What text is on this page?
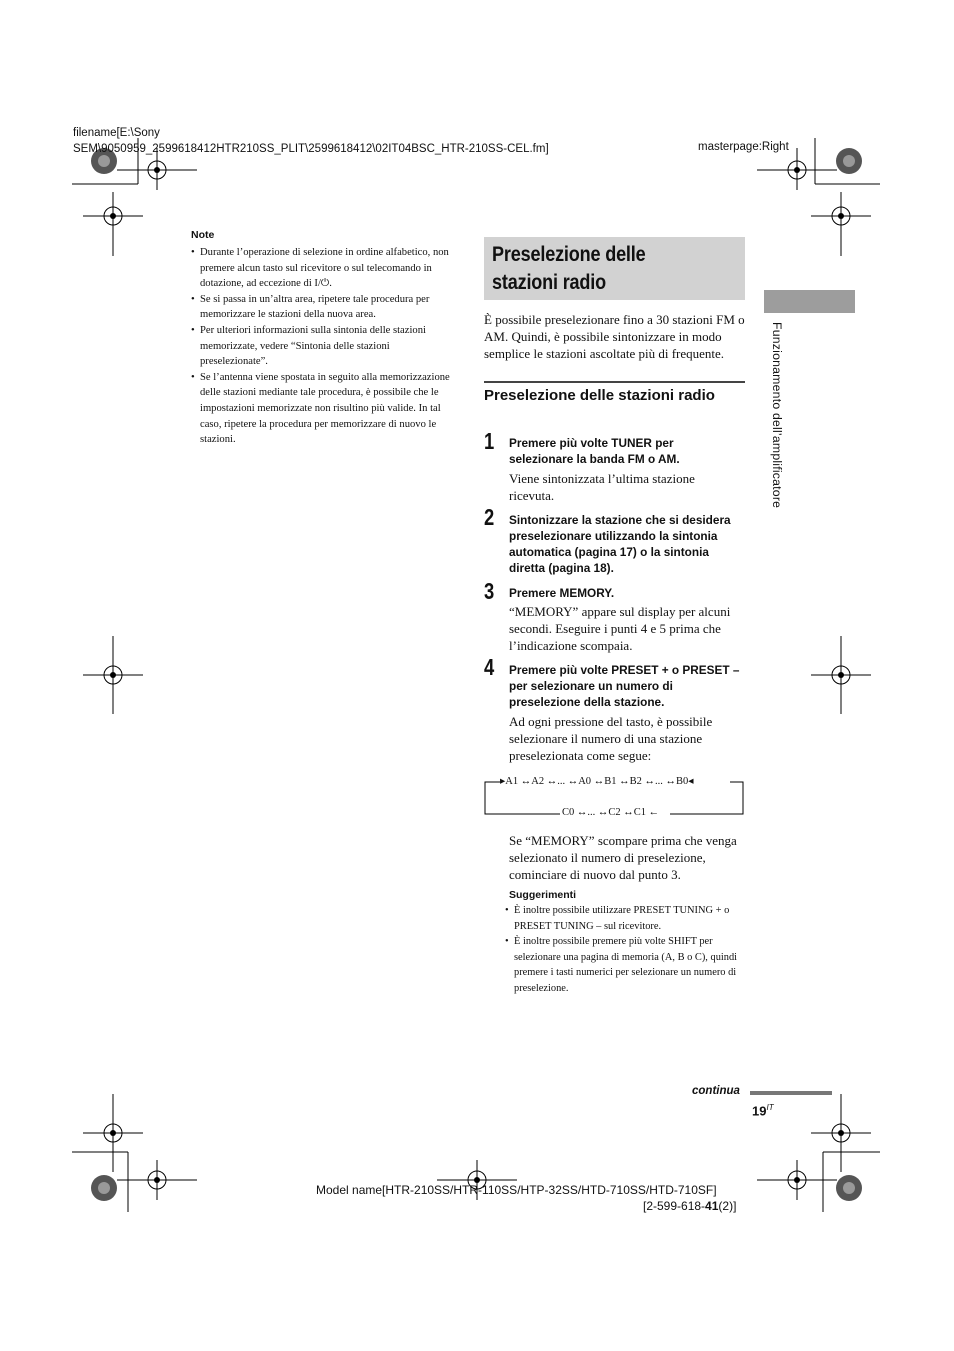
filename[E:\Sony
SEM\9050959_2599618412HTR210SS_PLIT\2599618412\02IT04BSC_HTR-210SS-CEL.fm]	masterpage:Right
Note
• Durante l’operazione di selezione in ordine alfabetico, non premere alcun tasto sul ricevitore o sul telecomando in dotazione, ad eccezione di I/⏻.
• Se si passa in un’altra area, ripetere tale procedura per memorizzare le stazioni della nuova area.
• Per ulteriori informazioni sulla sintonia delle stazioni memorizzate, vedere “Sintonia delle stazioni preselezionate”.
• Se l’antenna viene spostata in seguito alla memorizzazione delle stazioni mediante tale procedura, è possibile che le impostazioni memorizzate non risultino più valide. In tal caso, ripetere la procedura per memorizzare di nuovo le stazioni.
Preselezione delle stazioni radio
È possibile preselezionare fino a 30 stazioni FM o AM. Quindi, è possibile sintonizzare in modo semplice le stazioni ascoltate più di frequente.
Preselezione delle stazioni radio
1 Premere più volte TUNER per selezionare la banda FM o AM.
Viene sintonizzata l’ultima stazione ricevuta.
2 Sintonizzare la stazione che si desidera preselezionare utilizzando la sintonia automatica (pagina 17) o la sintonia diretta (pagina 18).
3 Premere MEMORY.
“MEMORY” appare sul display per alcuni secondi. Eseguire i punti 4 e 5 prima che l’indicazione scompaia.
4 Premere più volte PRESET + o PRESET – per selezionare un numero di preselezione della stazione.
Ad ogni pressione del tasto, è possibile selezionare il numero di una stazione preselezionata come segue:
▸A1 ↔A2 ↔... ↔A0 ↔B1 ↔B2 ↔... ↔B0◂
C0 ↔... ↔C2 ↔C1 ←
Se “MEMORY” scompare prima che venga selezionato il numero di preselezione, cominciare di nuovo dal punto 3.
Suggerimenti
• È inoltre possibile utilizzare PRESET TUNING + o PRESET TUNING – sul ricevitore.
• È inoltre possibile premere più volte SHIFT per selezionare una pagina di memoria (A, B o C), quindi premere i tasti numerici per selezionare un numero di preselezione.
Funzionamento dell’amplificatore
continua
$19^{IT}$
Model name[HTR-210SS/HTR-110SS/HTP-32SS/HTD-710SS/HTD-710SF]
[2-599-618-41(2)]
